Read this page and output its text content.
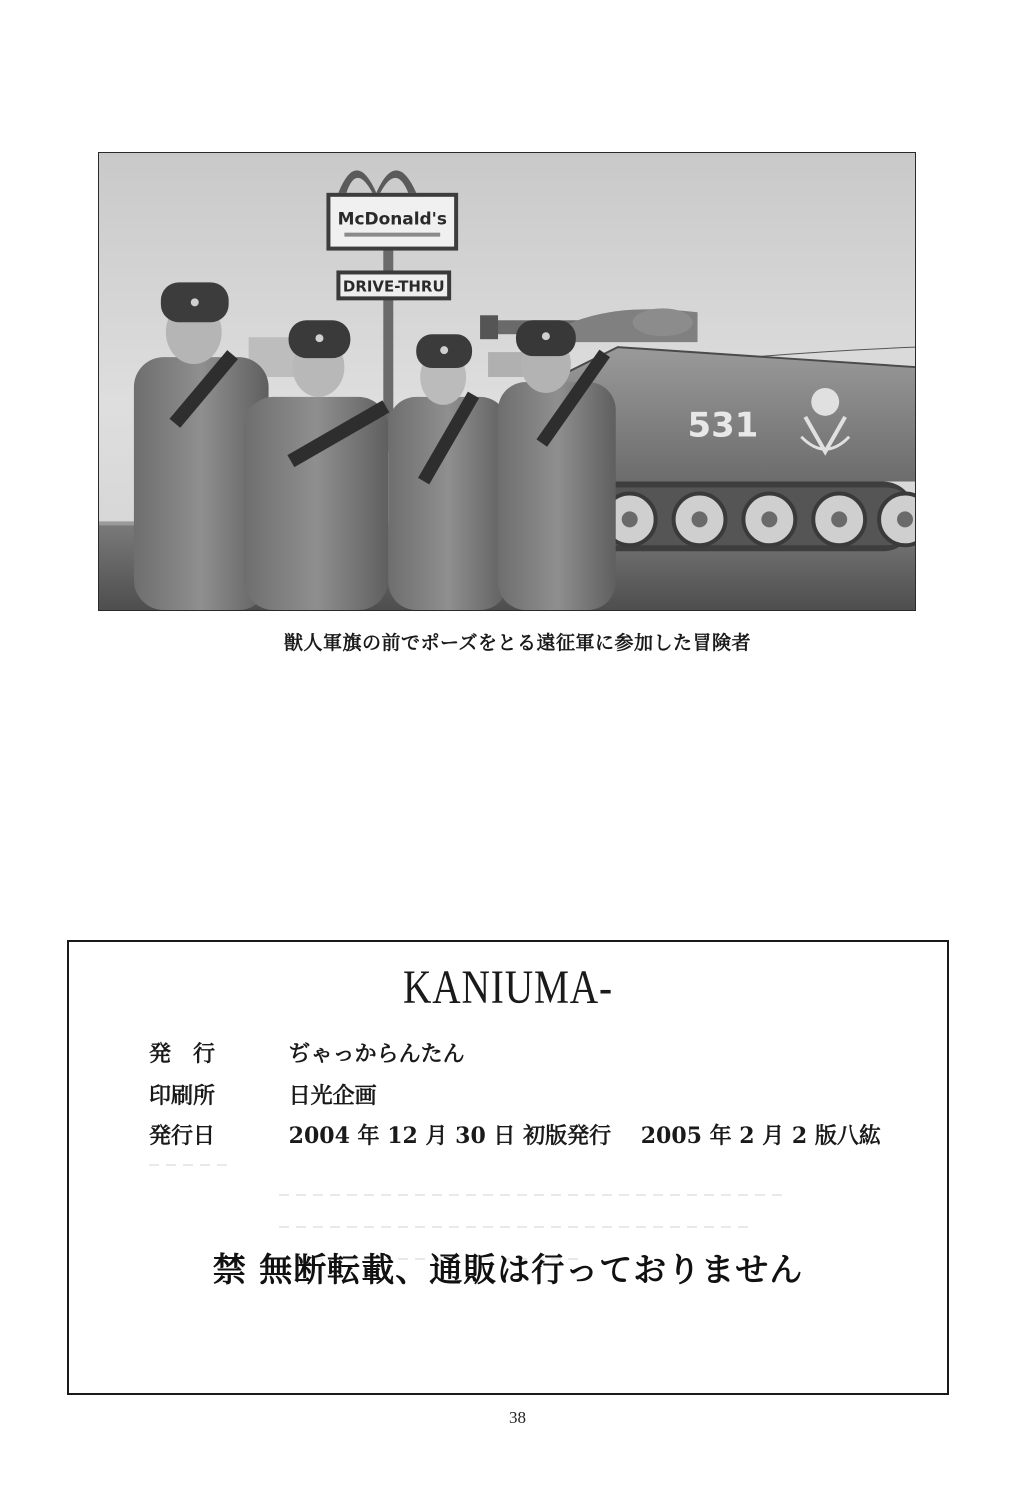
McDonald's
DRIVE-THRU
531
獣人軍旗の前でポーズをとる遠征軍に参加した冒険者
KANIUMA-
発　行	ぢゃっからんたん
印刷所	日光企画
発行日	2004 年 12 月 30 日 初版発行　 2005 年 2 月 2 版八紘
禁 無断転載、通販は行っておりません
38
